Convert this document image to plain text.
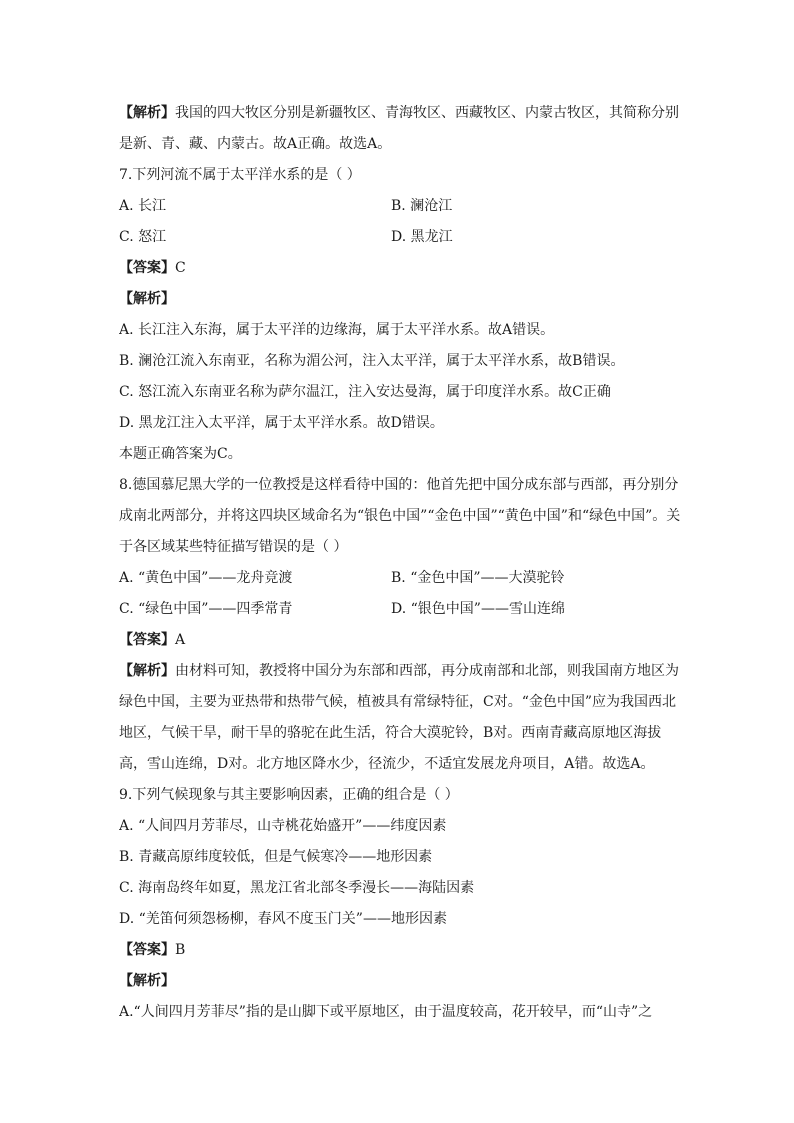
【解析】我国的四大牧区分别是新疆牧区、青海牧区、西藏牧区、内蒙古牧区，其简称分别是新、青、藏、内蒙古。故A正确。故选A。
7.下列河流不属于太平洋水系的是（ ）
A. 长江	B. 澜沧江
C. 怒江	D. 黑龙江
【答案】C
【解析】
A. 长江注入东海，属于太平洋的边缘海，属于太平洋水系。故A错误。
B. 澜沧江流入东南亚，名称为湄公河，注入太平洋，属于太平洋水系，故B错误。
C. 怒江流入东南亚名称为萨尔温江，注入安达曼海，属于印度洋水系。故C正确
D. 黑龙江注入太平洋，属于太平洋水系。故D错误。
本题正确答案为C。
8.德国慕尼黑大学的一位教授是这样看待中国的：他首先把中国分成东部与西部，再分别分成南北两部分，并将这四块区域命名为“银色中国”“金色中国”“黄色中国”和“绿色中国”。关于各区域某些特征描写错误的是（ ）
A. “黄色中国”——龙舟竞渡	B. “金色中国”——大漠驼铃
C. “绿色中国”——四季常青	D. “银色中国”——雪山连绵
【答案】A
【解析】由材料可知，教授将中国分为东部和西部，再分成南部和北部，则我国南方地区为绿色中国，主要为亚热带和热带气候，植被具有常绿特征，C对。“金色中国”应为我国西北地区，气候干旱，耐干旱的骆驼在此生活，符合大漠驼铃，B对。西南青藏高原地区海拔高，雪山连绵，D对。北方地区降水少，径流少，不适宜发展龙舟项目，A错。故选A。
9.下列气候现象与其主要影响因素，正确的组合是（ ）
A. “人间四月芳菲尽，山寺桃花始盛开”——纬度因素
B. 青藏高原纬度较低，但是气候寒冷——地形因素
C. 海南岛终年如夏，黑龙江省北部冬季漫长——海陆因素
D. “羌笛何须怨杨柳，春风不度玉门关”——地形因素
【答案】B
【解析】
A.“人间四月芳菲尽”指的是山脚下或平原地区，由于温度较高，花开较早，而“山寺”之
